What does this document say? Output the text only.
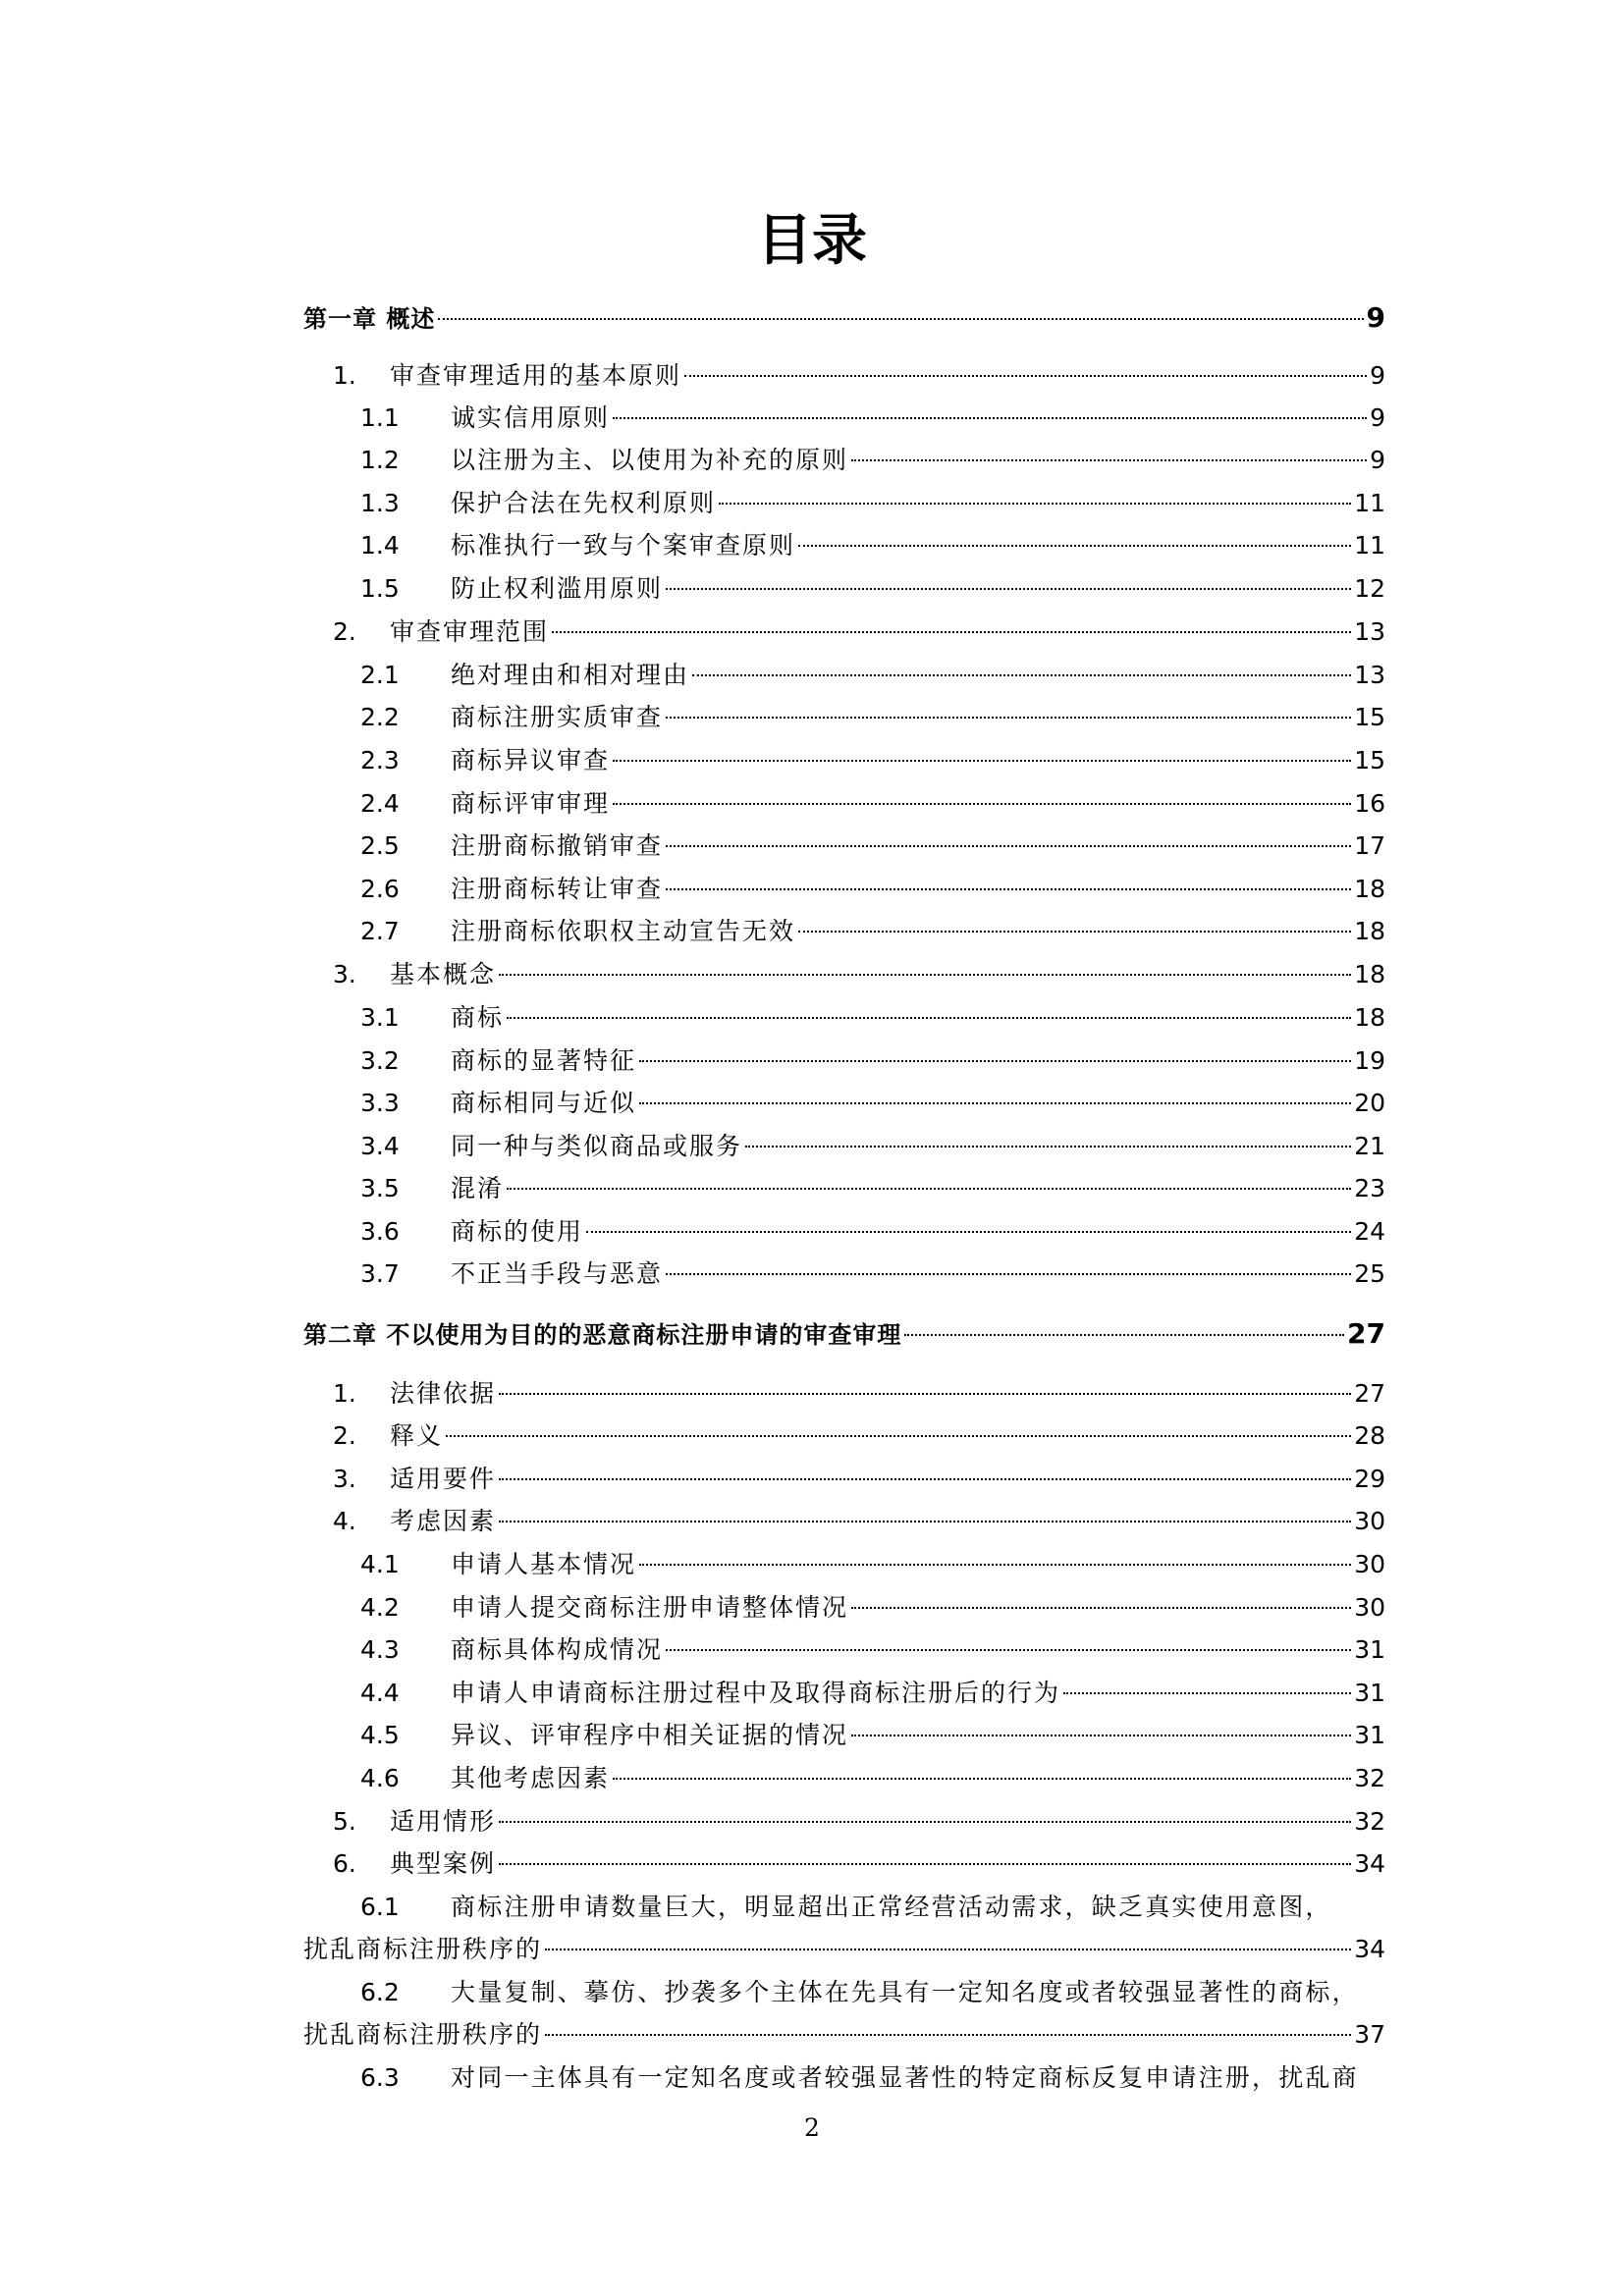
目录
第一章 概述	9
1.	审查审理适用的基本原则	9
1.1	诚实信用原则	9
1.2	以注册为主、以使用为补充的原则	9
1.3	保护合法在先权利原则	11
1.4	标准执行一致与个案审查原则	11
1.5	防止权利滥用原则	12
2.	审查审理范围	13
2.1	绝对理由和相对理由	13
2.2	商标注册实质审查	15
2.3	商标异议审查	15
2.4	商标评审审理	16
2.5	注册商标撤销审查	17
2.6	注册商标转让审查	18
2.7	注册商标依职权主动宣告无效	18
3.	基本概念	18
3.1	商标	18
3.2	商标的显著特征	19
3.3	商标相同与近似	20
3.4	同一种与类似商品或服务	21
3.5	混淆	23
3.6	商标的使用	24
3.7	不正当手段与恶意	25
第二章 不以使用为目的的恶意商标注册申请的审查审理	27
1.	法律依据	27
2.	释义	28
3.	适用要件	29
4.	考虑因素	30
4.1	申请人基本情况	30
4.2	申请人提交商标注册申请整体情况	30
4.3	商标具体构成情况	31
4.4	申请人申请商标注册过程中及取得商标注册后的行为	31
4.5	异议、评审程序中相关证据的情况	31
4.6	其他考虑因素	32
5.	适用情形	32
6.	典型案例	34
6.1	商标注册申请数量巨大，明显超出正常经营活动需求，缺乏真实使用意图，
扰乱商标注册秩序的	34
6.2	大量复制、摹仿、抄袭多个主体在先具有一定知名度或者较强显著性的商标，
扰乱商标注册秩序的	37
6.3	对同一主体具有一定知名度或者较强显著性的特定商标反复申请注册，扰乱商
2
